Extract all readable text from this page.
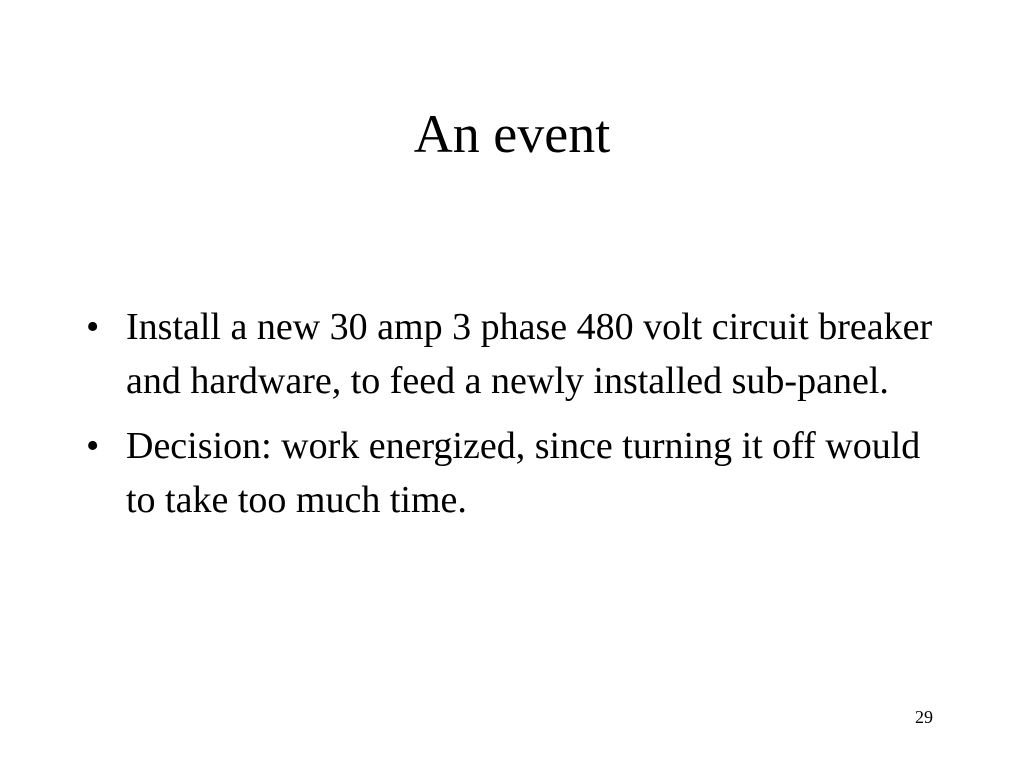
An event
• Install a new 30 amp 3 phase 480 volt circuit breaker and hardware, to feed a newly installed sub-panel.
• Decision: work energized, since turning it off would to take too much time.
29
